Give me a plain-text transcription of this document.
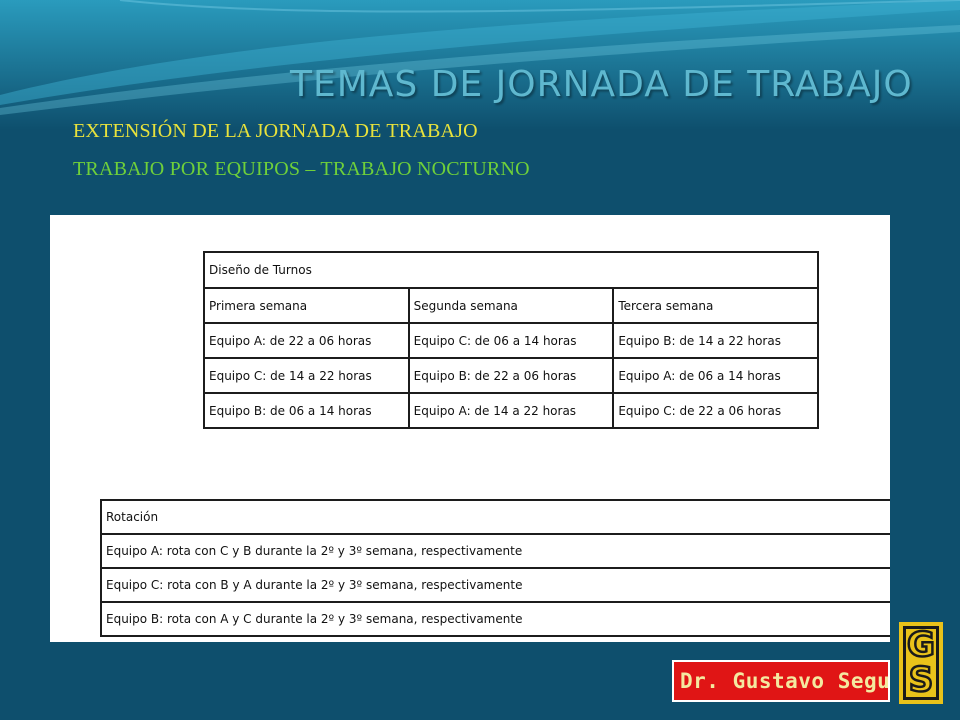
TEMAS DE JORNADA DE TRABAJO
EXTENSIÓN DE LA JORNADA DE TRABAJO
TRABAJO POR EQUIPOS – TRABAJO NOCTURNO
Diseño de Turnos		
Primera semana	Segunda semana	Tercera semana
Equipo A: de 22 a 06 horas	Equipo C: de 06 a 14 horas	Equipo B: de 14 a 22 horas
Equipo C: de 14 a 22 horas	Equipo B: de 22 a 06 horas	Equipo A: de 06 a 14 horas
Equipo B: de 06 a 14 horas	Equipo A: de 14 a 22 horas	Equipo C: de 22 a 06 horas
Rotación
Equipo A: rota con C y B durante la 2º y 3º semana, respectivamente
Equipo C: rota con B y A durante la 2º y 3º semana, respectivamente
Equipo B: rota con A y C durante la 2º y 3º semana, respectivamente
Dr. Gustavo Segu
G
S
